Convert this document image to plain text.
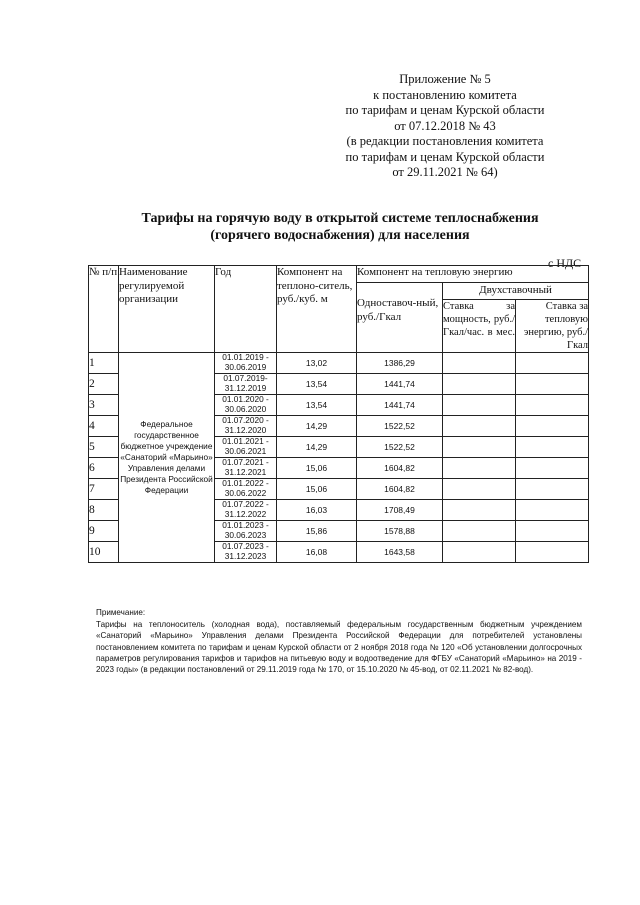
Приложение № 5
к постановлению комитета
по тарифам и ценам Курской области
от 07.12.2018 № 43
(в редакции постановления комитета
по тарифам и ценам Курской области
от 29.11.2021 № 64)
Тарифы на горячую воду в открытой системе теплоснабжения
(горячего водоснабжения) для населения
с НДС
№ п/п	Наименование регулируемой организации	Год	Компонент на теплоно-ситель, руб./куб. м	Компонент на тепловую энергию		
				Одноставоч-ный, руб./Гкал	Двухставочный	
					Ставка за мощность, руб./Гкал/час. в мес.	Ставка за тепловую энергию, руб./Гкал
1	Федеральное государственное бюджетное учреждение «Санаторий «Марьино» Управления делами Президента Российской Федерации	01.01.2019 - 30.06.2019	13,02	1386,29		
2		01.07.2019-31.12.2019	13,54	1441,74		
3		01.01.2020 - 30.06.2020	13,54	1441,74		
4		01.07.2020 - 31.12.2020	14,29	1522,52		
5		01.01.2021 - 30.06.2021	14,29	1522,52		
6		01.07.2021 - 31.12.2021	15,06	1604,82		
7		01.01.2022 - 30.06.2022	15,06	1604,82		
8		01.07.2022 - 31.12.2022	16,03	1708,49		
9		01.01.2023 - 30.06.2023	15,86	1578,88		
10		01.07.2023 - 31.12.2023	16,08	1643,58		
Примечание:
Тарифы на теплоноситель (холодная вода), поставляемый федеральным государственным бюджетным учреждением «Санаторий «Марьино» Управления делами Президента Российской Федерации для потребителей установлены постановлением комитета по тарифам и ценам Курской области от 2 ноября 2018 года № 120 «Об установлении долгосрочных параметров регулирования тарифов и тарифов на питьевую воду и водоотведение для ФГБУ «Санаторий «Марьино» на 2019 - 2023 годы» (в редакции постановлений от 29.11.2019 года № 170, от 15.10.2020 № 45-вод, от 02.11.2021 № 82-вод).
